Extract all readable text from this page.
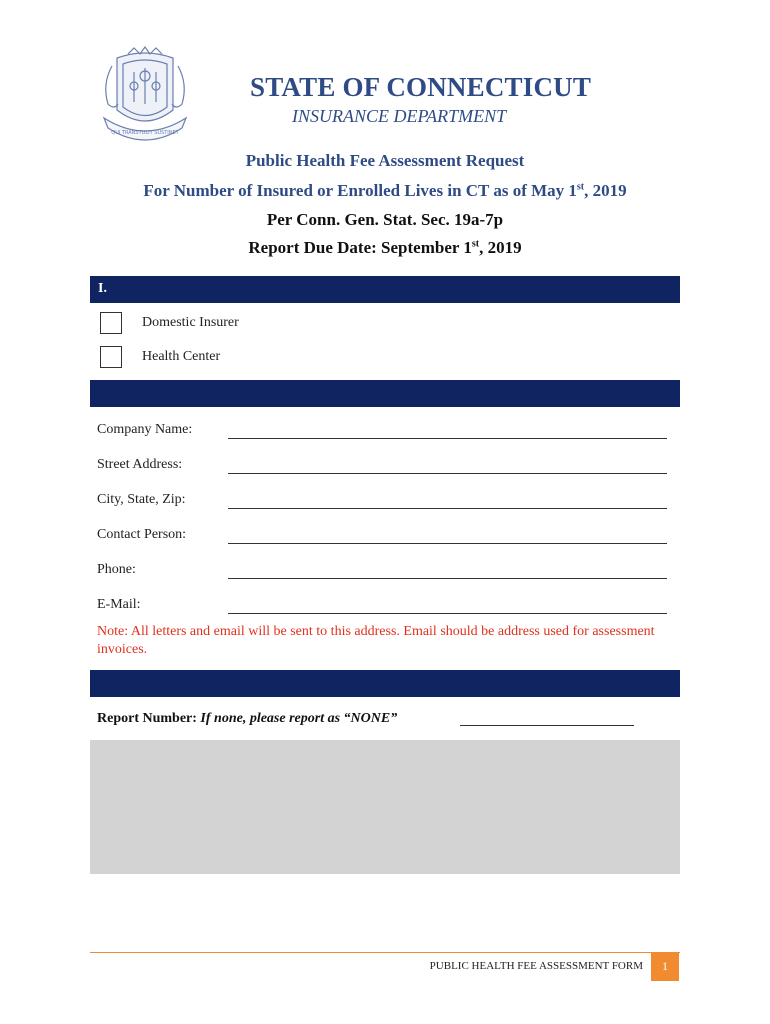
QUI TRANSTULIT SUSTINET
STATE OF CONNECTICUT
INSURANCE DEPARTMENT
Public Health Fee Assessment Request
For Number of Insured or Enrolled Lives in CT as of May 1st, 2019
Per Conn. Gen. Stat. Sec. 19a-7p
Report Due Date: September 1st, 2019
I.
Domestic Insurer
Health Center
Company Name:
Street Address:
City, State, Zip:
Contact Person:
Phone:
E-Mail:
Note: All letters and email will be sent to this address. Email should be address used for assessment invoices.
Report Number: If none, please report as “NONE”
PUBLIC HEALTH FEE ASSESSMENT FORM	1
